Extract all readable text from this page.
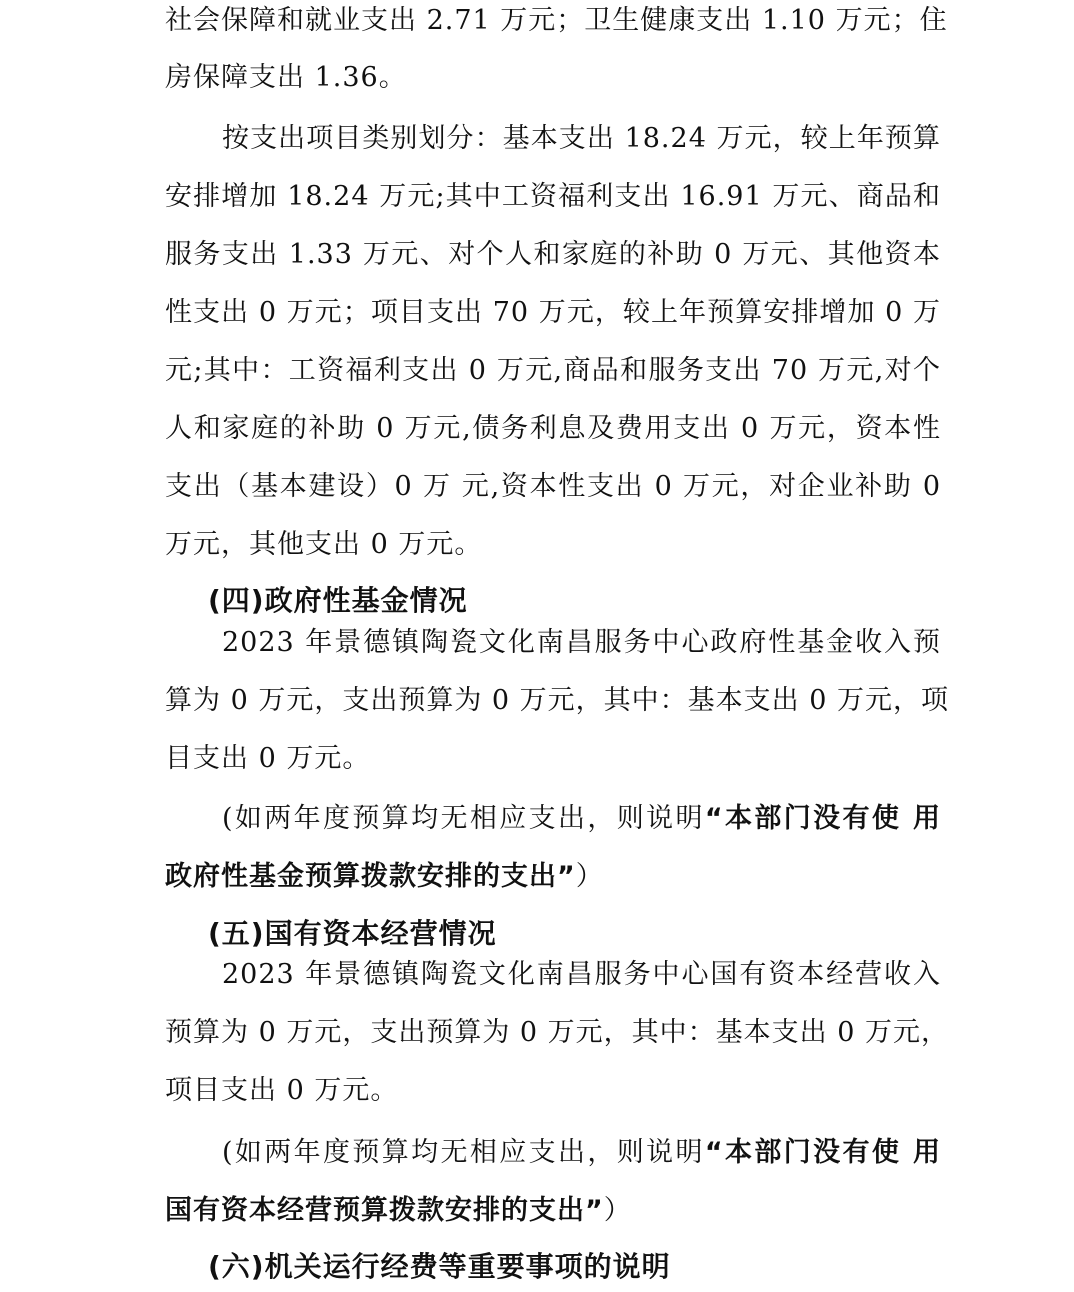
社会保障和就业支出 2.71 万元；卫生健康支出 1.10 万元；住
房保障支出 1.36。
按支出项目类别划分：基本支出 18.24 万元，较上年预算
安排增加 18.24 万元;其中工资福利支出 16.91 万元、商品和
服务支出 1.33 万元、对个人和家庭的补助 0 万元、其他资本
性支出 0 万元；项目支出 70 万元，较上年预算安排增加 0 万
元;其中：工资福利支出 0 万元,商品和服务支出 70 万元,对个
人和家庭的补助 0 万元,债务利息及费用支出 0 万元，资本性
支出（基本建设）0 万 元,资本性支出 0 万元，对企业补助 0
万元，其他支出 0 万元。
(四)政府性基金情况
2023 年景德镇陶瓷文化南昌服务中心政府性基金收入预
算为 0 万元，支出预算为 0 万元，其中：基本支出 0 万元，项
目支出 0 万元。
(如两年度预算均无相应支出，则说明“本部门没有使 用
政府性基金预算拨款安排的支出”）
(五)国有资本经营情况
2023 年景德镇陶瓷文化南昌服务中心国有资本经营收入
预算为 0 万元，支出预算为 0 万元，其中：基本支出 0 万元，
项目支出 0 万元。
(如两年度预算均无相应支出，则说明“本部门没有使 用
国有资本经营预算拨款安排的支出”）
(六)机关运行经费等重要事项的说明
